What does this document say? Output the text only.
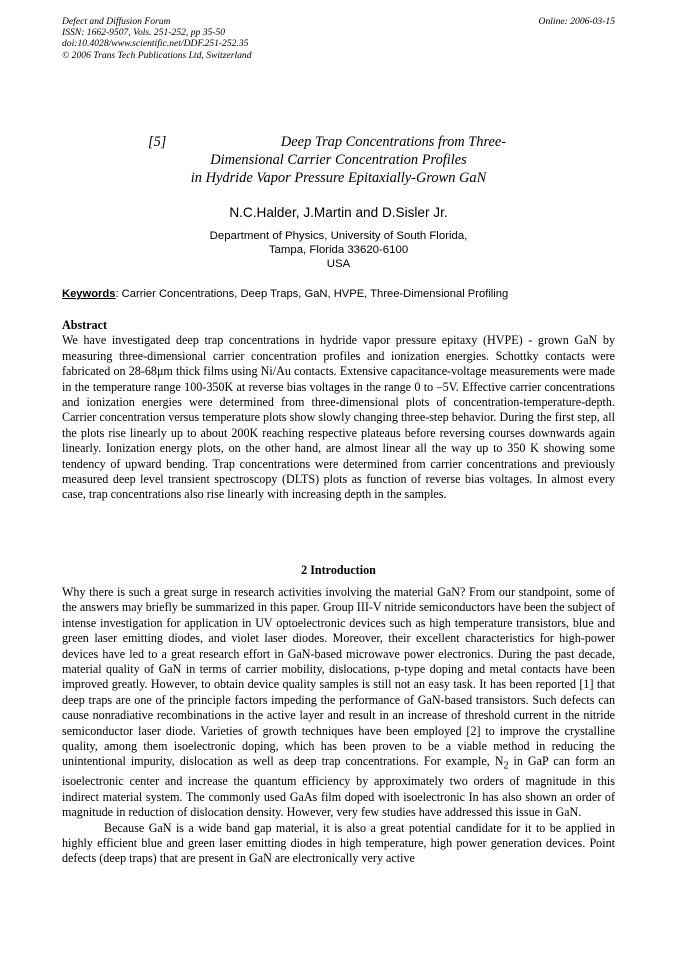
Defect and Diffusion Forum
ISSN: 1662-9507, Vols. 251-252, pp 35-50
doi:10.4028/www.scientific.net/DDF.251-252.35
© 2006 Trans Tech Publications Ltd, Switzerland
Online: 2006-03-15
[5]	Deep Trap Concentrations from Three-
Dimensional Carrier Concentration Profiles
in Hydride Vapor Pressure Epitaxially-Grown GaN
N.C.Halder, J.Martin and D.Sisler Jr.
Department of Physics, University of South Florida,
Tampa, Florida 33620-6100
USA
Keywords: Carrier Concentrations, Deep Traps, GaN, HVPE, Three-Dimensional Profiling
Abstract

We have investigated deep trap concentrations in hydride vapor pressure epitaxy (HVPE) - grown GaN by measuring three-dimensional carrier concentration profiles and ionization energies. Schottky contacts were fabricated on 28-68μm thick films using Ni/Au contacts. Extensive capacitance-voltage measurements were made in the temperature range 100-350K at reverse bias voltages in the range 0 to –5V. Effective carrier concentrations and ionization energies were determined from three-dimensional plots of concentration-temperature-depth. Carrier concentration versus temperature plots show slowly changing three-step behavior. During the first step, all the plots rise linearly up to about 200K reaching respective plateaus before reversing courses downwards again linearly. Ionization energy plots, on the other hand, are almost linear all the way up to 350 K showing some tendency of upward bending. Trap concentrations were determined from carrier concentrations and previously measured deep level transient spectroscopy (DLTS) plots as function of reverse bias voltages. In almost every case, trap concentrations also rise linearly with increasing depth in the samples.

2 Introduction

Why there is such a great surge in research activities involving the material GaN? From our standpoint, some of the answers may briefly be summarized in this paper. Group III-V nitride semiconductors have been the subject of intense investigation for application in UV optoelectronic devices such as high temperature transistors, blue and green laser emitting diodes, and violet laser diodes. Moreover, their excellent characteristics for high-power devices have led to a great research effort in GaN-based microwave power electronics. During the past decade, material quality of GaN in terms of carrier mobility, dislocations, p-type doping and metal contacts have been improved greatly. However, to obtain device quality samples is still not an easy task. It has been reported [1] that deep traps are one of the principle factors impeding the performance of GaN-based transistors. Such defects can cause nonradiative recombinations in the active layer and result in an increase of threshold current in the nitride semiconductor laser diode. Varieties of growth techniques have been employed [2] to improve the crystalline quality, among them isoelectronic doping, which has been proven to be a viable method in reducing the unintentional impurity, dislocation as well as deep trap concentrations. For example, $N_2$ in GaP can form an isoelectronic center and increase the quantum efficiency by approximately two orders of magnitude in this indirect material system. The commonly used GaAs film doped with isoelectronic In has also shown an order of magnitude in reduction of dislocation density. However, very few studies have addressed this issue in GaN.

Because GaN is a wide band gap material, it is also a great potential candidate for it to be applied in highly efficient blue and green laser emitting diodes in high temperature, high power generation devices. Point defects (deep traps) that are present in GaN are electronically very active
